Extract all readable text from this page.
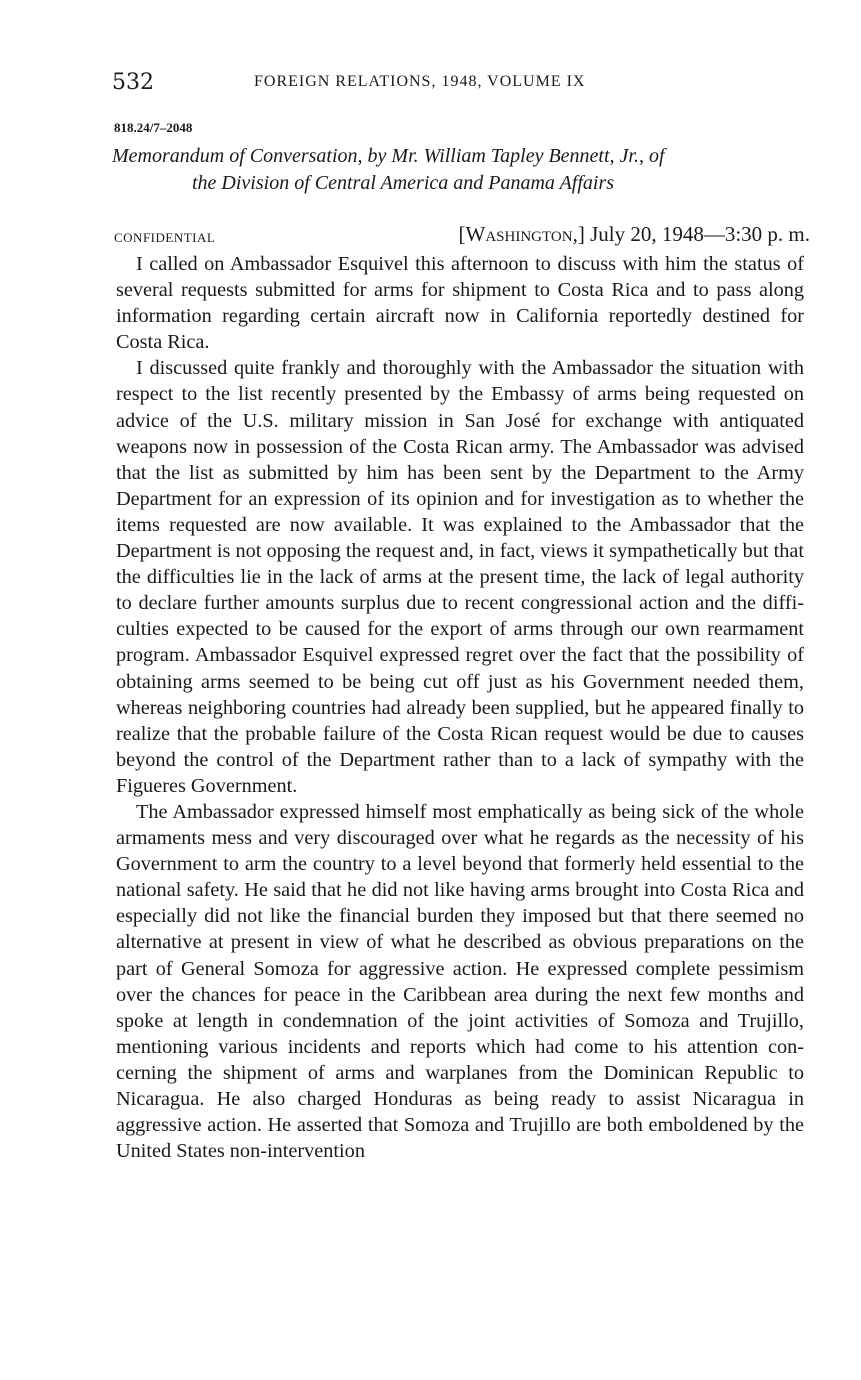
532	FOREIGN RELATIONS, 1948, VOLUME IX
818.24/7–2048
Memorandum of Conversation, by Mr. William Tapley Bennett, Jr., of
the Division of Central America and Panama Affairs
CONFIDENTIAL	[Washington,] July 20, 1948—3:30 p. m.

I called on Ambassador Esquivel this afternoon to discuss with him the status of several requests submitted for arms for shipment to Costa Rica and to pass along information regarding certain aircraft now in California reportedly destined for Costa Rica.

I discussed quite frankly and thoroughly with the Ambassador the situation with respect to the list recently presented by the Embassy of arms being requested on advice of the U.S. military mission in San José for exchange with antiquated weapons now in possession of the Costa Rican army. The Ambassador was advised that the list as submitted by him has been sent by the Department to the Army Department for an expression of its opinion and for investigation as to whether the items requested are now available. It was explained to the Ambassador that the Department is not opposing the request and, in fact, views it sympathetically but that the difficulties lie in the lack of arms at the present time, the lack of legal authority to declare further amounts surplus due to recent congressional action and the difficulties expected to be caused for the export of arms through our own rearmament program. Ambassador Esquivel expressed regret over the fact that the possibility of obtaining arms seemed to be being cut off just as his Government needed them, whereas neighboring countries had already been supplied, but he appeared finally to realize that the probable failure of the Costa Rican request would be due to causes beyond the control of the Department rather than to a lack of sympathy with the Figueres Government.

The Ambassador expressed himself most emphatically as being sick of the whole armaments mess and very discouraged over what he regards as the necessity of his Government to arm the country to a level beyond that formerly held essential to the national safety. He said that he did not like having arms brought into Costa Rica and especially did not like the financial burden they imposed but that there seemed no alternative at present in view of what he described as obvious preparations on the part of General Somoza for aggressive action. He expressed complete pessimism over the chances for peace in the Caribbean area during the next few months and spoke at length in condemnation of the joint activities of Somoza and Trujillo, mentioning various incidents and reports which had come to his attention concerning the shipment of arms and warplanes from the Dominican Republic to Nicaragua. He also charged Honduras as being ready to assist Nicaragua in aggressive action. He asserted that Somoza and Trujillo are both emboldened by the United States non-intervention
